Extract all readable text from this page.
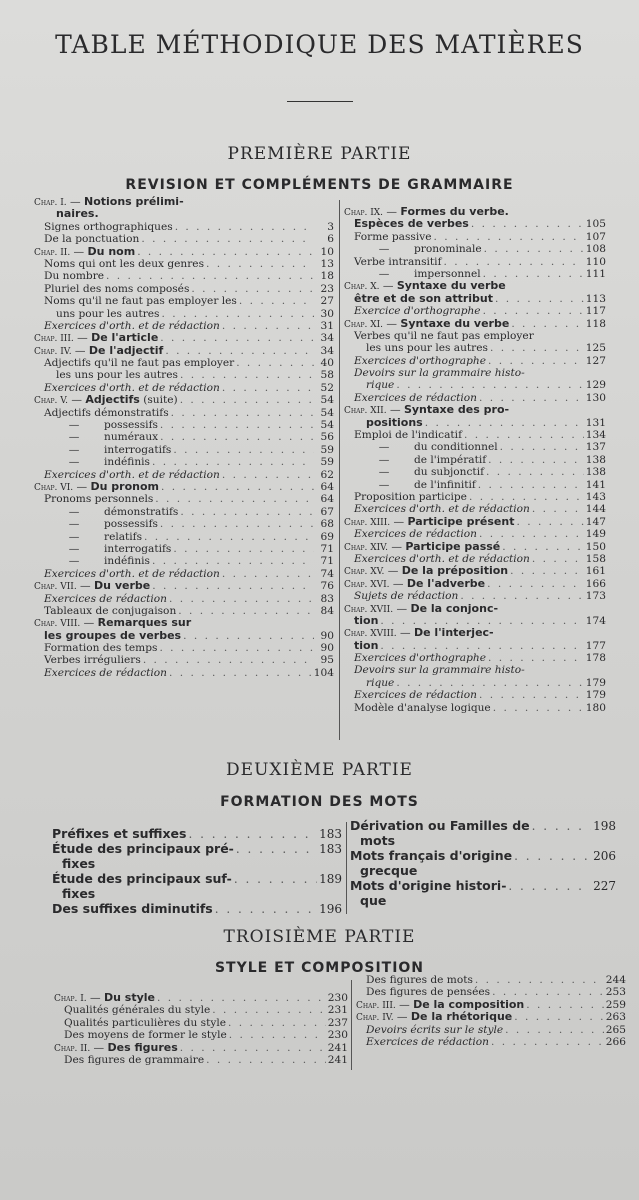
TABLE MÉTHODIQUE DES MATIÈRES
PREMIÈRE PARTIE
REVISION ET COMPLÉMENTS DE GRAMMAIRE
Chap. I. — Notions prélimi-
naires.
Signes orthographiques . . .	3
De la ponctuation . . .	6
Chap. II. — Du nom . . .	10
Noms qui ont les deux genres . . .	13
Du nombre . . .	18
Pluriel des noms composés . . .	23
Noms qu'il ne faut pas employer les . . .	27
uns pour les autres . . .	30
Exercices d'orth. et de rédaction . . .	31
Chap. III. — De l'article . . .	34
Chap. IV. — De l'adjectif . . .	34
Adjectifs qu'il ne faut pas employer . . .	40
les uns pour les autres . . .	58
Exercices d'orth. et de rédaction . . .	52
Chap. V. — Adjectifs (suite) . . .	54
Adjectifs démonstratifs . . .	54
— possessifs . . .	54
— numéraux . . .	56
— interrogatifs . . .	59
— indéfinis . . .	59
Exercices d'orth. et de rédaction . . .	62
Chap. VI. — Du pronom . . .	64
Pronoms personnels . . .	64
— démonstratifs . . .	67
— possessifs . . .	68
— relatifs . . .	69
— interrogatifs . . .	71
— indéfinis . . .	71
Exercices d'orth. et de rédaction . . .	74
Chap. VII. — Du verbe . . .	76
Exercices de rédaction . . .	83
Tableaux de conjugaison . . .	84
Chap. VIII. — Remarques sur
les groupes de verbes . . .	90
Formation des temps . . .	90
Verbes irréguliers . . .	95
Exercices de rédaction . . .	104
Chap. IX. — Formes du verbe.
Espèces de verbes . . .	105
Forme passive . . .	107
— pronominale . . .	108
Verbe intransitif . . .	110
— impersonnel . . .	111
Chap. X. — Syntaxe du verbe
être et de son attribut . . .	113
Exercice d'orthographe . . .	117
Chap. XI. — Syntaxe du verbe . . .	118
Verbes qu'il ne faut pas employer
les uns pour les autres . . .	125
Exercices d'orthographe . . .	127
Devoirs sur la grammaire histo-
rique . . .	129
Exercices de rédaction . . .	130
Chap. XII. — Syntaxe des pro-
positions . . .	131
Emploi de l'indicatif . . .	134
— du conditionnel . . .	137
— de l'impératif . . .	138
— du subjonctif . . .	138
— de l'infinitif . . .	141
Proposition participe . . .	143
Exercices d'orth. et de rédaction . . .	144
Chap. XIII. — Participe présent . . .	147
Exercices de rédaction . . .	149
Chap. XIV. — Participe passé . . .	150
Exercices d'orth. et de rédaction . . .	158
Chap. XV. — De la préposition . . .	161
Chap. XVI. — De l'adverbe . . .	166
Sujets de rédaction . . .	173
Chap. XVII. — De la conjonc-
tion . . .	174
Chap. XVIII. — De l'interjec-
tion . . .	177
Exercices d'orthographe . . .	178
Devoirs sur la grammaire histo-
rique . . .	179
Exercices de rédaction . . .	179
Modèle d'analyse logique . . .	180
DEUXIÈME PARTIE
FORMATION DES MOTS
Préfixes et suffixes . . .	183
Étude des principaux pré- . . .	183
fixes
Étude des principaux suf- . . .	189
fixes
Des suffixes diminutifs . . .	196
Dérivation ou Familles de . . .	198
mots
Mots français d'origine . . .	206
grecque
Mots d'origine histori- . . .	227
que
TROISIÈME PARTIE
STYLE ET COMPOSITION
Chap. I. — Du style . . .	230
Qualités générales du style . . .	231
Qualités particulières du style . . .	237
Des moyens de former le style . . .	230
Chap. II. — Des figures . . .	241
Des figures de grammaire . . .	241
Des figures de mots . . .	244
Des figures de pensées . . .	253
Chap. III. — De la composition . . .	259
Chap. IV. — De la rhétorique . . .	263
Devoirs écrits sur le style . . .	265
Exercices de rédaction . . .	266
